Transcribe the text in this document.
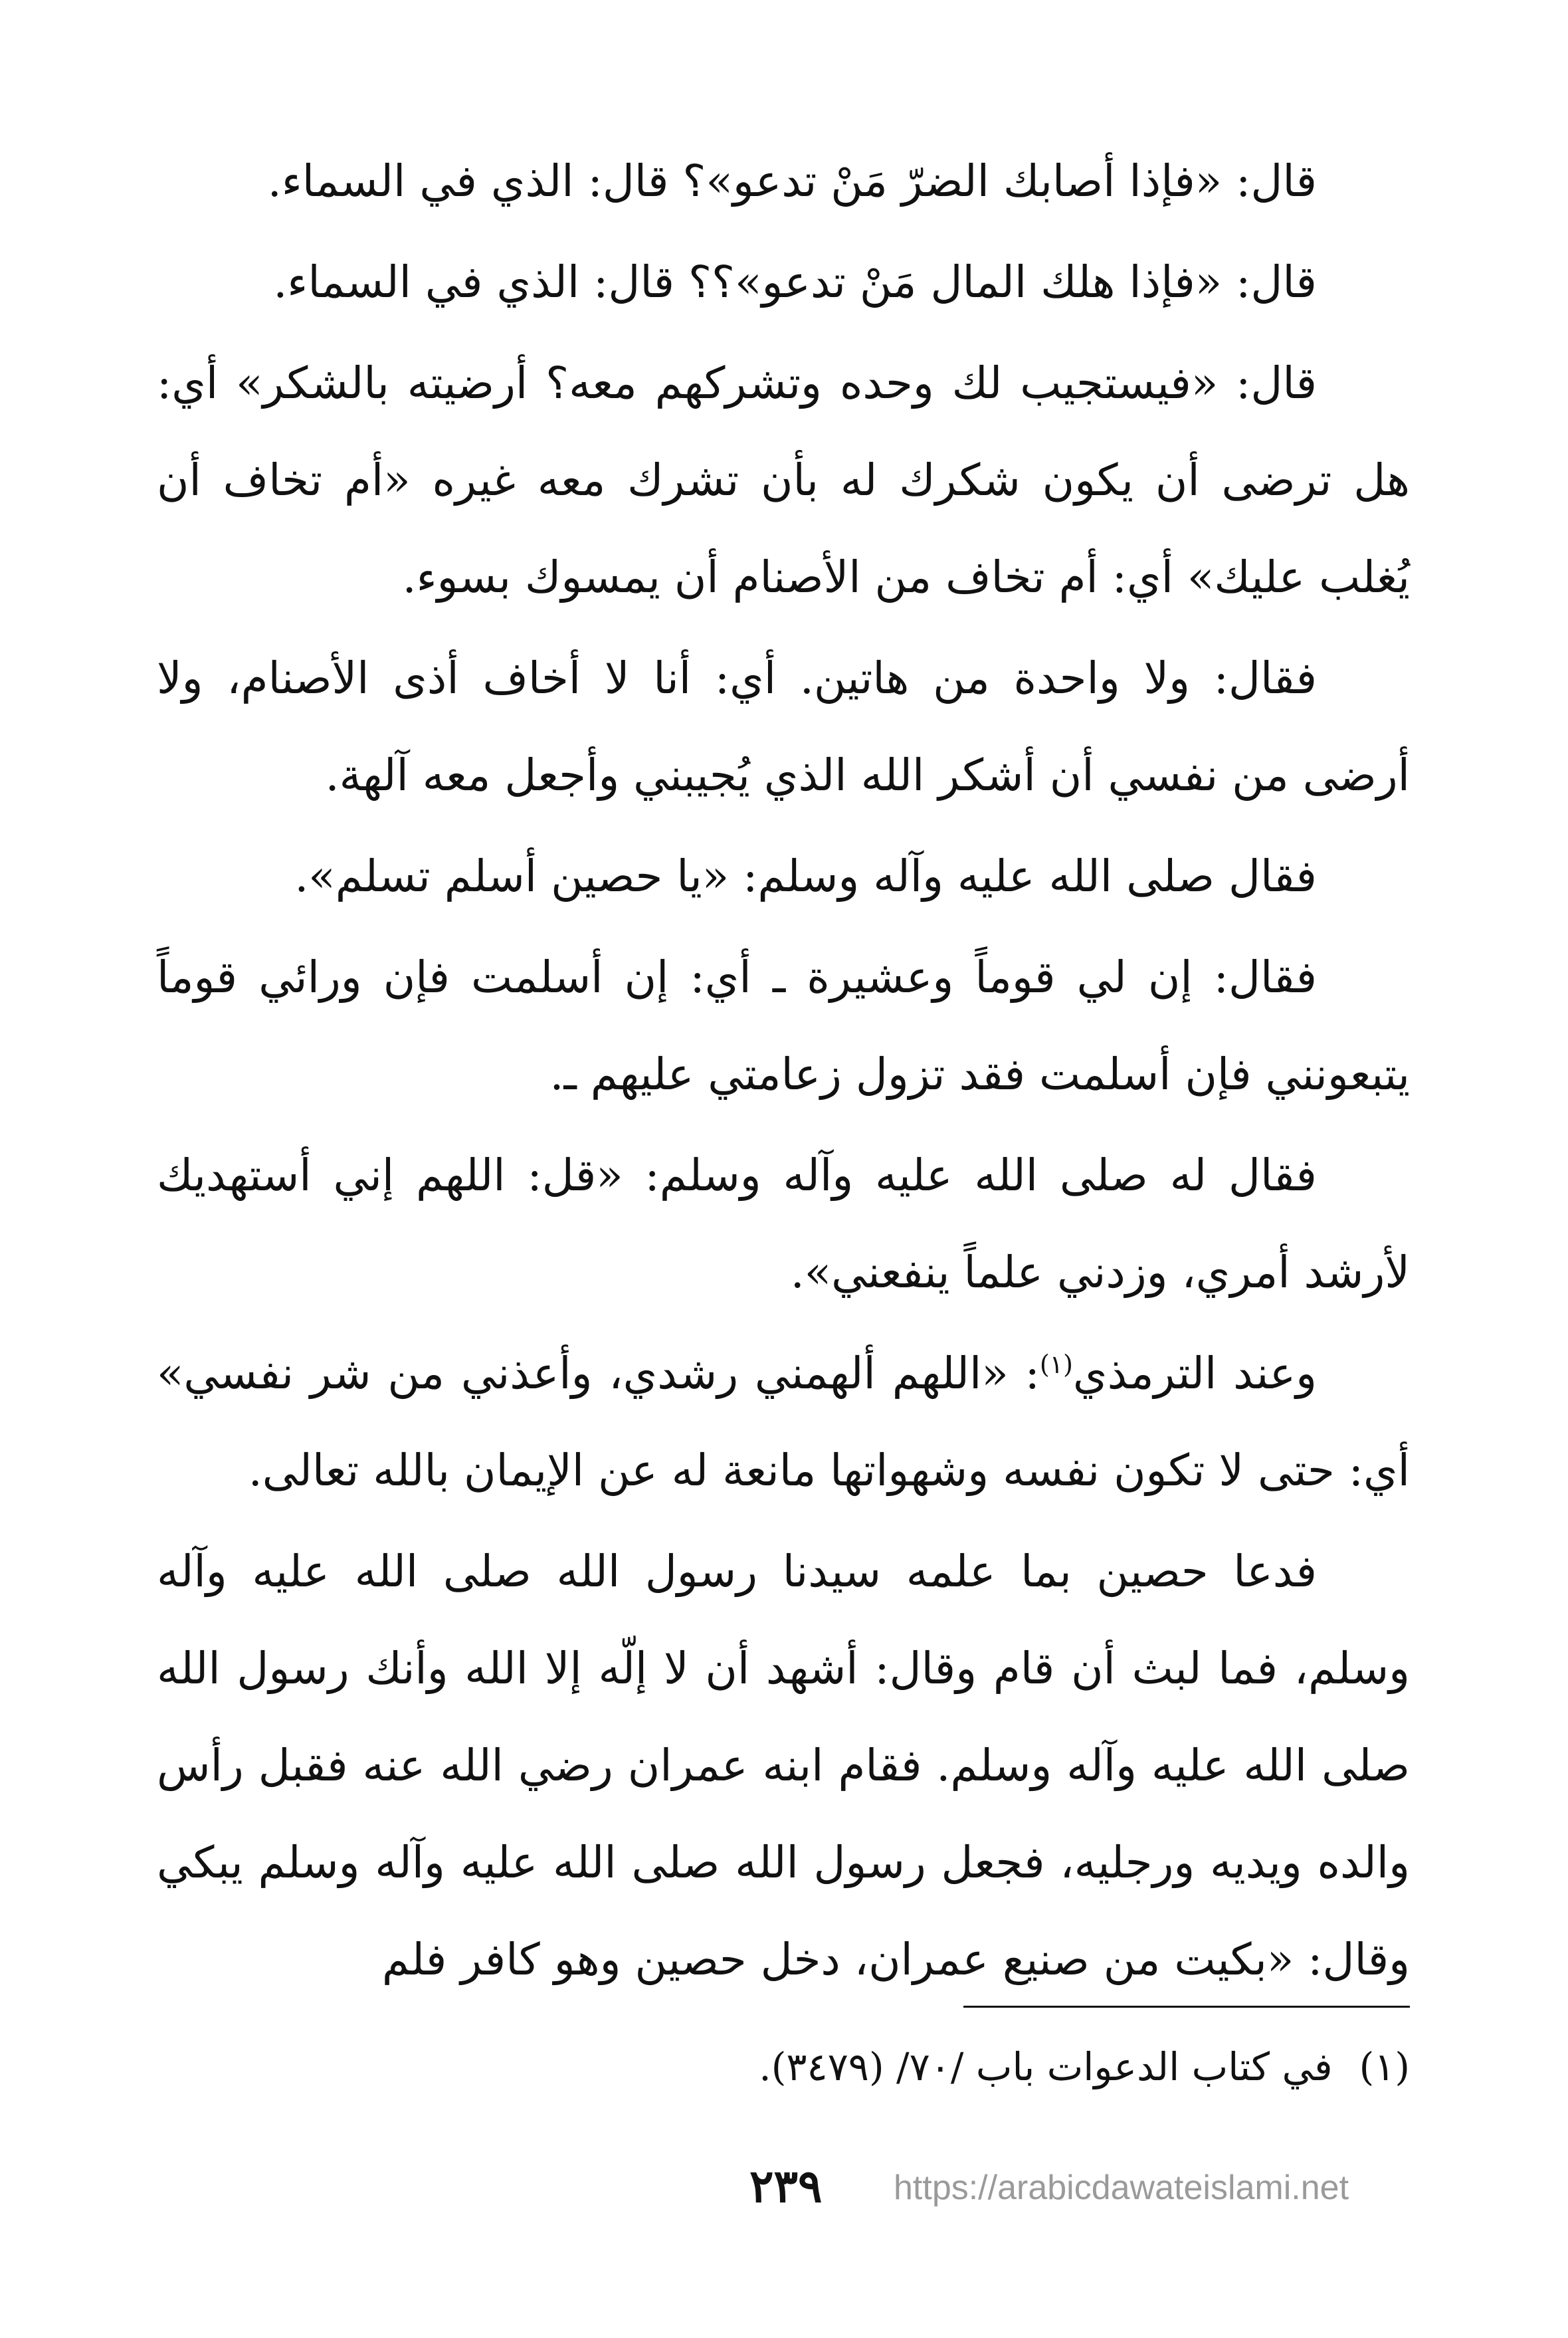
قال: «فإذا أصابك الضرّ مَنْ تدعو»؟ قال: الذي في السماء.

قال: «فإذا هلك المال مَنْ تدعو»؟؟ قال: الذي في السماء.

قال: «فيستجيب لك وحده وتشركهم معه؟ أرضيته بالشكر» أي: هل ترضى أن يكون شكرك له بأن تشرك معه غيره «أم تخاف أن يُغلب عليك» أي: أم تخاف من الأصنام أن يمسوك بسوء.

فقال: ولا واحدة من هاتين. أي: أنا لا أخاف أذى الأصنام، ولا أرضى من نفسي أن أشكر الله الذي يُجيبني وأجعل معه آلهة.

فقال صلى الله عليه وآله وسلم: «يا حصين أسلم تسلم».

فقال: إن لي قوماً وعشيرة ـ أي: إن أسلمت فإن ورائي قوماً يتبعونني فإن أسلمت فقد تزول زعامتي عليهم ـ.

فقال له صلى الله عليه وآله وسلم: «قل: اللهم إني أستهديك لأرشد أمري، وزدني علماً ينفعني».

وعند الترمذي$^{(١)}$: «اللهم ألهمني رشدي، وأعذني من شر نفسي» أي: حتى لا تكون نفسه وشهواتها مانعة له عن الإيمان بالله تعالى.

فدعا حصين بما علمه سيدنا رسول الله صلى الله عليه وآله وسلم، فما لبث أن قام وقال: أشهد أن لا إلّه إلا الله وأنك رسول الله صلى الله عليه وآله وسلم. فقام ابنه عمران رضي الله عنه فقبل رأس والده ويديه ورجليه، فجعل رسول الله صلى الله عليه وآله وسلم يبكي وقال: «بكيت من صنيع عمران، دخل حصين وهو كافر فلم

(١)في كتاب الدعوات باب /٧٠/ (٣٤٧٩).
٢٣٩ https://arabicdawateislami.net
